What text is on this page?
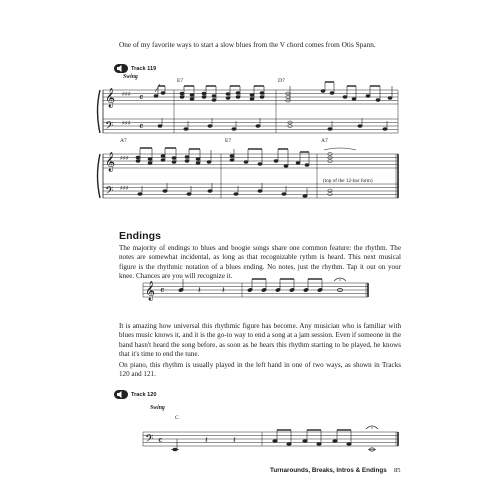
One of my favorite ways to start a slow blues from the V chord comes from Otis Spann.
Track 119
Swing
E7	D7
A7	E7	A7
(top of the 12-bar form)
𝄞
𝄢
♯♯♯
♯♯♯
𝄴
𝄴
𝄞
𝄢
♯♯♯
♯♯♯
𝄞 𝄴	𝄽 𝄽
𝄢 𝄴	𝄽	𝄽
Endings
The majority of endings to blues and boogie songs share one common feature: the rhythm. The notes are somewhat incidental, as long as that recognizable rythm is heard. This next musical figure is the rhythmic notation of a blues ending. No notes, just the rhythm. Tap it out on your knee. Chances are you will recognize it.
It is amazing how universal this rhythmic figure has become. Any musician who is familiar with blues music knows it, and it is the go-to way to end a song at a jam session. Even if someone in the band hasn't heard the song before, as soon as he hears this rhythm starting to be played, he knows that it's time to end the tune.
On piano, this rhythm is usually played in the left hand in one of two ways, as shown in Tracks 120 and 121.
Track 120
Swing
C
Turnarounds, Breaks, Intros & Endings 85
